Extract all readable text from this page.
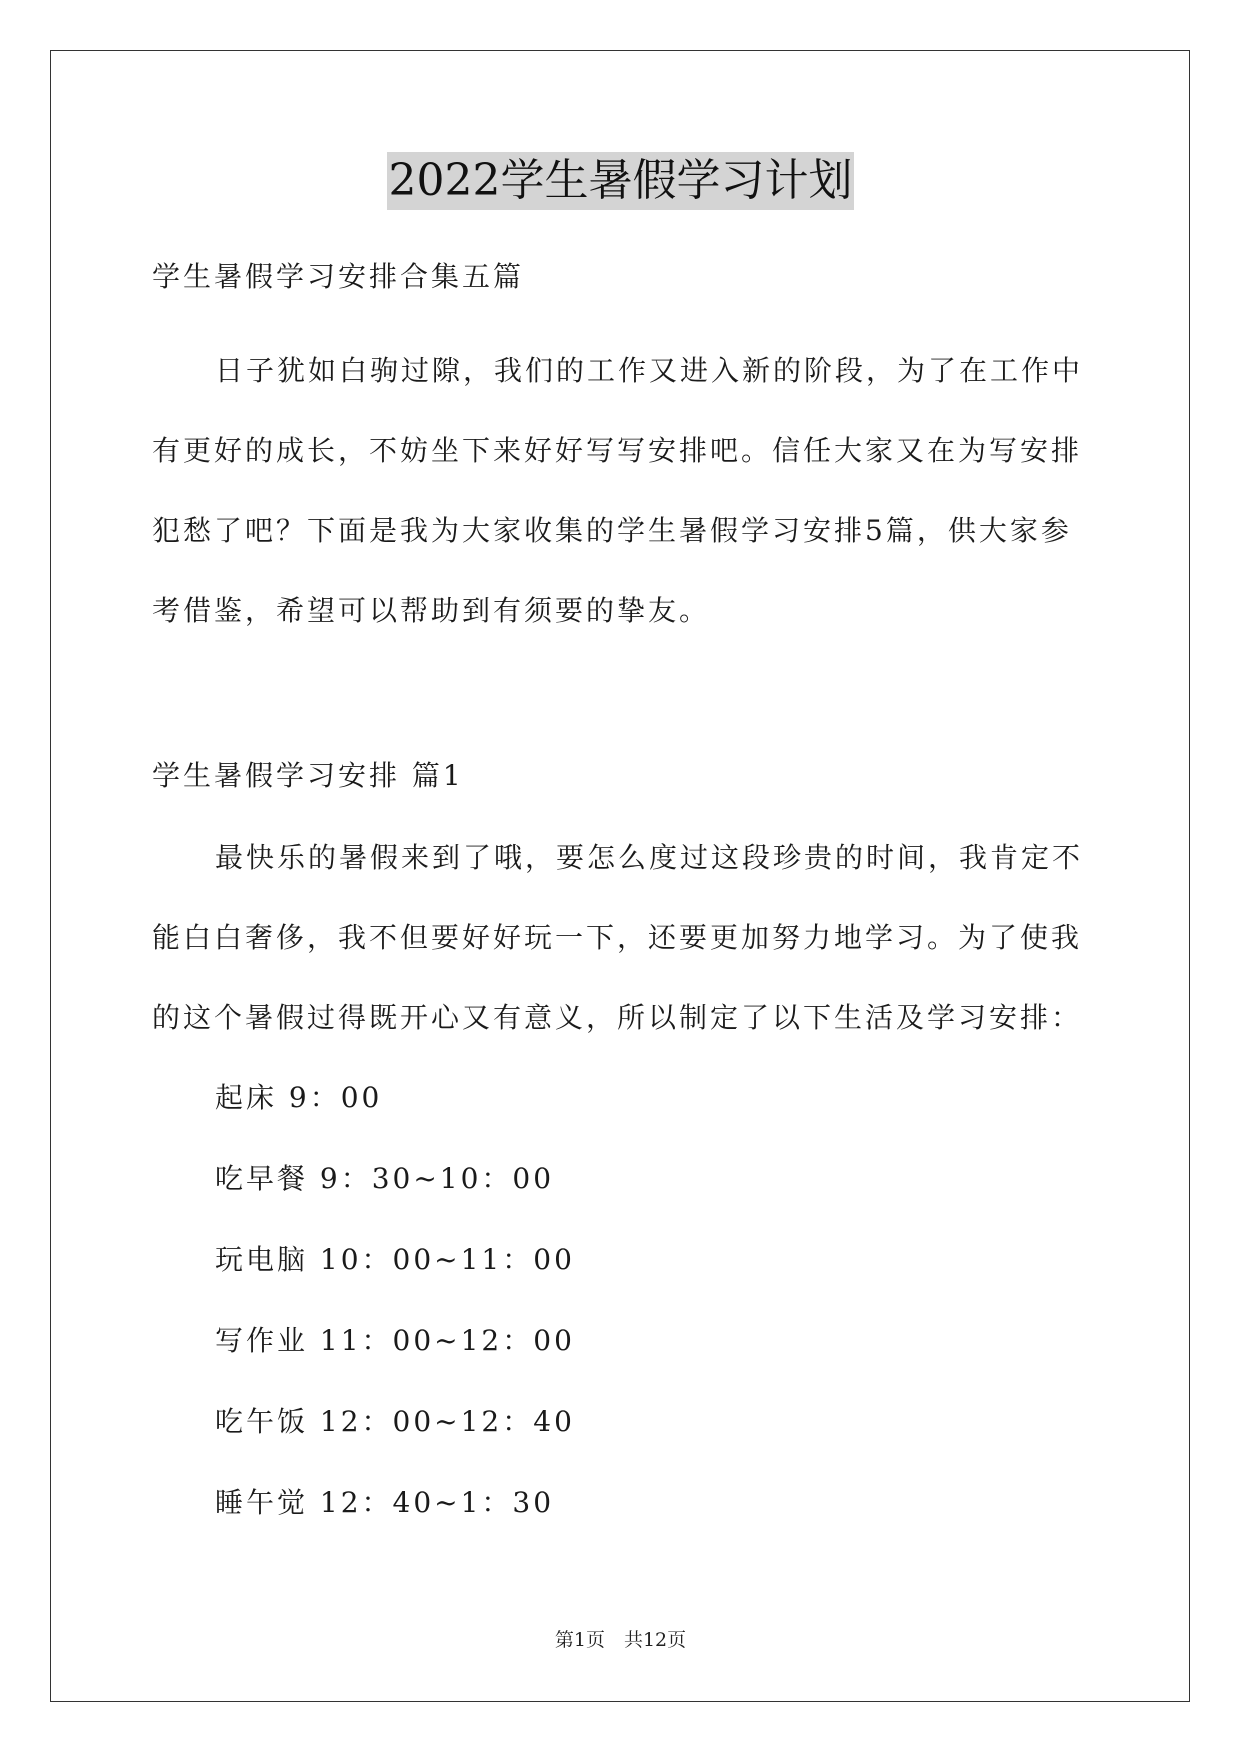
2022学生暑假学习计划
学生暑假学习安排合集五篇
日子犹如白驹过隙，我们的工作又进入新的阶段，为了在工作中
有更好的成长，不妨坐下来好好写写安排吧。信任大家又在为写安排
犯愁了吧？下面是我为大家收集的学生暑假学习安排5篇，供大家参
考借鉴，希望可以帮助到有须要的挚友。
学生暑假学习安排 篇1
最快乐的暑假来到了哦，要怎么度过这段珍贵的时间，我肯定不
能白白奢侈，我不但要好好玩一下，还要更加努力地学习。为了使我
的这个暑假过得既开心又有意义，所以制定了以下生活及学习安排：
起床 9：00
吃早餐 9：30~10：00
玩电脑 10：00~11：00
写作业 11：00~12：00
吃午饭 12：00~12：40
睡午觉 12：40~1：30
第1页　共12页
